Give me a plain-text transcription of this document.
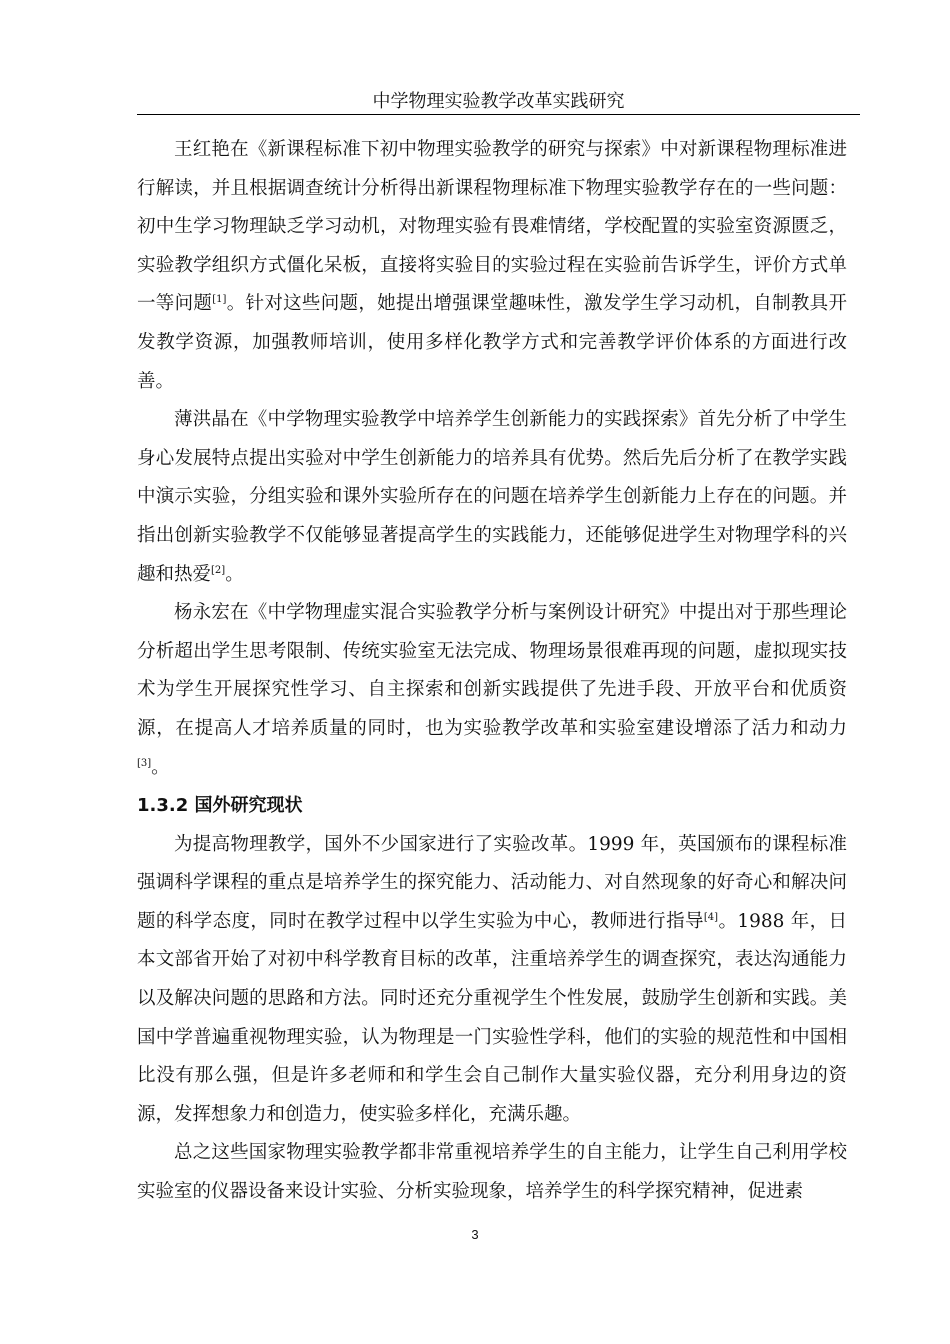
中学物理实验教学改革实践研究

王红艳在《新课程标准下初中物理实验教学的研究与探索》中对新课程物理标准进行解读，并且根据调查统计分析得出新课程物理标准下物理实验教学存在的一些问题：初中生学习物理缺乏学习动机，对物理实验有畏难情绪，学校配置的实验室资源匮乏，实验教学组织方式僵化呆板，直接将实验目的实验过程在实验前告诉学生，评价方式单一等问题[1]。针对这些问题，她提出增强课堂趣味性，激发学生学习动机，自制教具开发教学资源，加强教师培训，使用多样化教学方式和完善教学评价体系的方面进行改善。

薄洪晶在《中学物理实验教学中培养学生创新能力的实践探索》首先分析了中学生身心发展特点提出实验对中学生创新能力的培养具有优势。然后先后分析了在教学实践中演示实验，分组实验和课外实验所存在的问题在培养学生创新能力上存在的问题。并指出创新实验教学不仅能够显著提高学生的实践能力，还能够促进学生对物理学科的兴趣和热爱[2]。

杨永宏在《中学物理虚实混合实验教学分析与案例设计研究》中提出对于那些理论分析超出学生思考限制、传统实验室无法完成、物理场景很难再现的问题，虚拟现实技术为学生开展探究性学习、自主探索和创新实践提供了先进手段、开放平台和优质资源，在提高人才培养质量的同时，也为实验教学改革和实验室建设增添了活力和动力[3]。

1.3.2 国外研究现状

为提高物理教学，国外不少国家进行了实验改革。1999 年，英国颁布的课程标准强调科学课程的重点是培养学生的探究能力、活动能力、对自然现象的好奇心和解决问题的科学态度，同时在教学过程中以学生实验为中心，教师进行指导[4]。1988 年，日本文部省开始了对初中科学教育目标的改革，注重培养学生的调查探究，表达沟通能力以及解决问题的思路和方法。同时还充分重视学生个性发展，鼓励学生创新和实践。美国中学普遍重视物理实验，认为物理是一门实验性学科，他们的实验的规范性和中国相比没有那么强，但是许多老师和和学生会自己制作大量实验仪器，充分利用身边的资源，发挥想象力和创造力，使实验多样化，充满乐趣。

总之这些国家物理实验教学都非常重视培养学生的自主能力，让学生自己利用学校实验室的仪器设备来设计实验、分析实验现象，培养学生的科学探究精神，促进素

3
